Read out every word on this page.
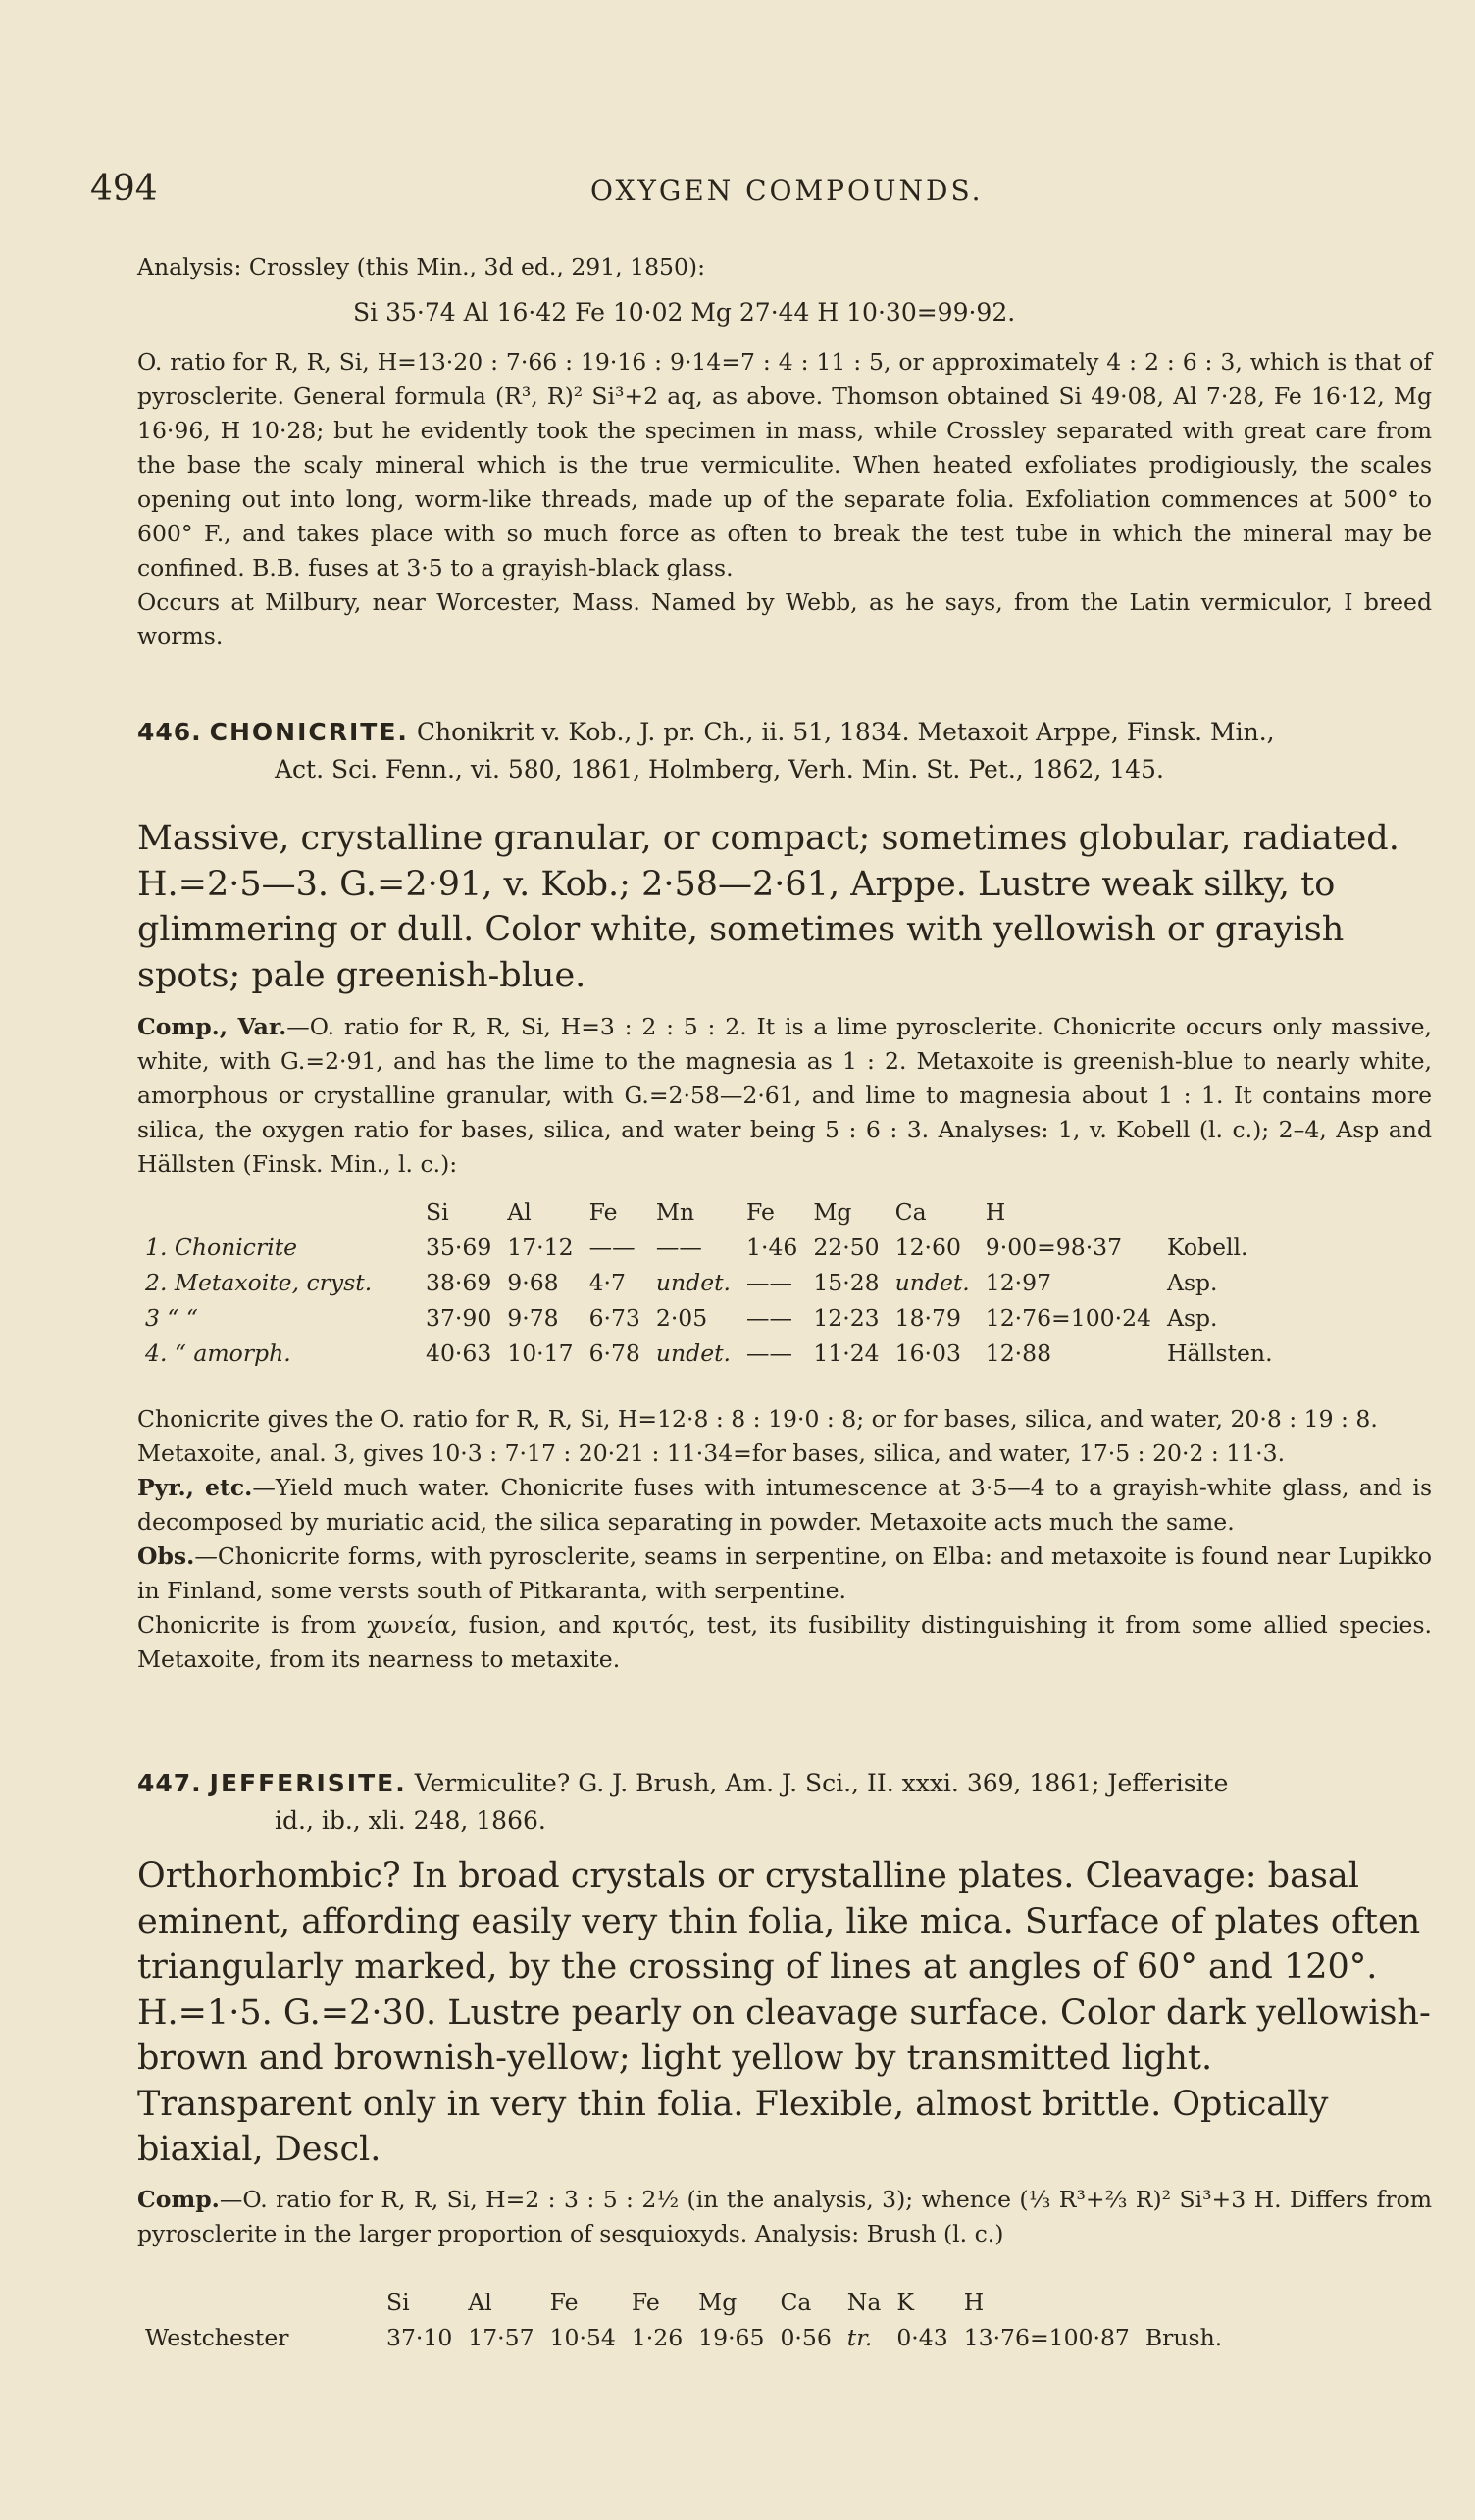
494	OXYGEN COMPOUNDS.

Analysis: Crossley (this Min., 3d ed., 291, 1850):

Si 35·74 Al 16·42 Fe 10·02 Mg 27·44 H 10·30=99·92.

O. ratio for R, R, Si, H=13·20 : 7·66 : 19·16 : 9·14=7 : 4 : 11 : 5, or approximately 4 : 2 : 6 : 3, which is that of pyrosclerite. General formula (R³, R)² Si³+2 aq, as above. Thomson obtained Si 49·08, Al 7·28, Fe 16·12, Mg 16·96, H 10·28; but he evidently took the specimen in mass, while Crossley separated with great care from the base the scaly mineral which is the true vermiculite. When heated exfoliates prodigiously, the scales opening out into long, worm-like threads, made up of the separate folia. Exfoliation commences at 500° to 600° F., and takes place with so much force as often to break the test tube in which the mineral may be confined. B.B. fuses at 3·5 to a grayish-black glass.

Occurs at Milbury, near Worcester, Mass. Named by Webb, as he says, from the Latin vermiculor, I breed worms.

446. CHONICRITE. Chonikrit v. Kob., J. pr. Ch., ii. 51, 1834. Metaxoit Arppe, Finsk. Min.,
Act. Sci. Fenn., vi. 580, 1861, Holmberg, Verh. Min. St. Pet., 1862, 145.

Massive, crystalline granular, or compact; sometimes globular, radiated. H.=2·5—3. G.=2·91, v. Kob.; 2·58—2·61, Arppe. Lustre weak silky, to glimmering or dull. Color white, sometimes with yellowish or grayish spots; pale greenish-blue.

Comp., Var.—O. ratio for R, R, Si, H=3 : 2 : 5 : 2. It is a lime pyrosclerite. Chonicrite occurs only massive, white, with G.=2·91, and has the lime to the magnesia as 1 : 2. Metaxoite is greenish-blue to nearly white, amorphous or crystalline granular, with G.=2·58—2·61, and lime to magnesia about 1 : 1. It contains more silica, the oxygen ratio for bases, silica, and water being 5 : 6 : 3. Analyses: 1, v. Kobell (l. c.); 2–4, Asp and Hällsten (Finsk. Min., l. c.):

	Si	Al	Fe	Mn	Fe	Mg	Ca	H	
1. Chonicrite	35·69	17·12	——	——	1·46	22·50	12·60	9·00=98·37	Kobell.
2. Metaxoite, cryst.	38·69	9·68	4·7	undet.	——	15·28	undet.	12·97	Asp.
3 “ “	37·90	9·78	6·73	2·05	——	12·23	18·79	12·76=100·24	Asp.
4. “ amorph.	40·63	10·17	6·78	undet.	——	11·24	16·03	12·88	Hällsten.

Chonicrite gives the O. ratio for R, R, Si, H=12·8 : 8 : 19·0 : 8; or for bases, silica, and water, 20·8 : 19 : 8.

Metaxoite, anal. 3, gives 10·3 : 7·17 : 20·21 : 11·34=for bases, silica, and water, 17·5 : 20·2 : 11·3.

Pyr., etc.—Yield much water. Chonicrite fuses with intumescence at 3·5—4 to a grayish-white glass, and is decomposed by muriatic acid, the silica separating in powder. Metaxoite acts much the same.

Obs.—Chonicrite forms, with pyrosclerite, seams in serpentine, on Elba: and metaxoite is found near Lupikko in Finland, some versts south of Pitkaranta, with serpentine.

Chonicrite is from χωνεία, fusion, and κριτός, test, its fusibility distinguishing it from some allied species. Metaxoite, from its nearness to metaxite.

447. JEFFERISITE. Vermiculite? G. J. Brush, Am. J. Sci., II. xxxi. 369, 1861; Jefferisite
id., ib., xli. 248, 1866.

Orthorhombic? In broad crystals or crystalline plates. Cleavage: basal eminent, affording easily very thin folia, like mica. Surface of plates often triangularly marked, by the crossing of lines at angles of 60° and 120°. H.=1·5. G.=2·30. Lustre pearly on cleavage surface. Color dark yellowish-brown and brownish-yellow; light yellow by transmitted light. Transparent only in very thin folia. Flexible, almost brittle. Optically biaxial, Descl.

Comp.—O. ratio for R, R, Si, H=2 : 3 : 5 : 2½ (in the analysis, 3); whence (⅓ R³+⅔ R)² Si³+3 H. Differs from pyrosclerite in the larger proportion of sesquioxyds. Analysis: Brush (l. c.)

	Si	Al	Fe	Fe	Mg	Ca	Na	K	H	
Westchester	37·10	17·57	10·54	1·26	19·65	0·56	tr.	0·43	13·76=100·87	Brush.
